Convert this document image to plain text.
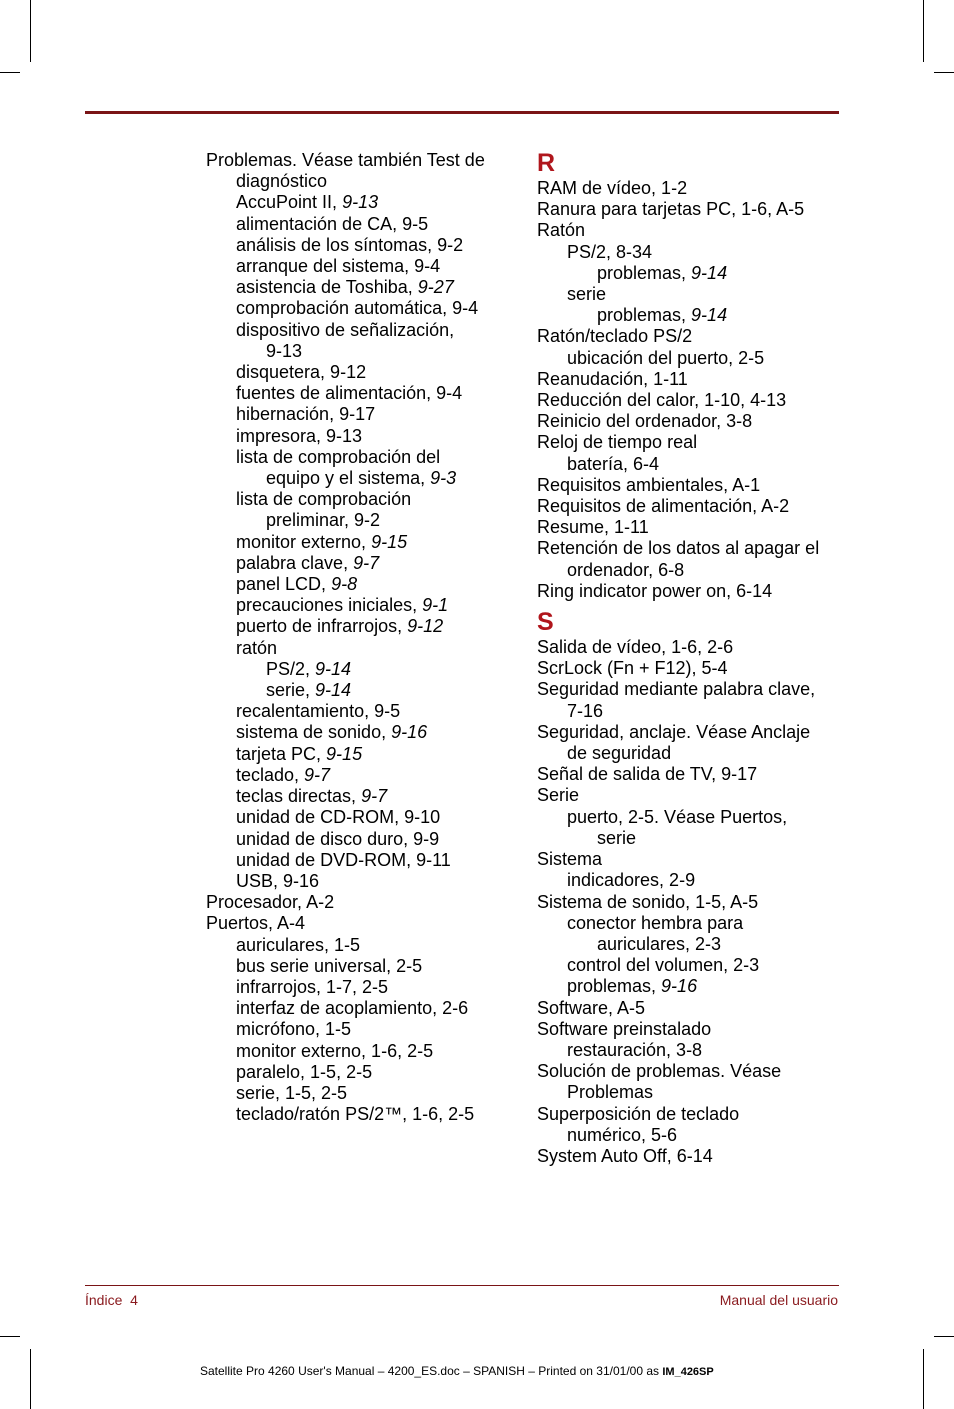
Problemas. Véase también Test de
diagnóstico
AccuPoint II, 9-13
alimentación de CA, 9-5
análisis de los síntomas, 9-2
arranque del sistema, 9-4
asistencia de Toshiba, 9-27
comprobación automática, 9-4
dispositivo de señalización,
9-13
disquetera, 9-12
fuentes de alimentación, 9-4
hibernación, 9-17
impresora, 9-13
lista de comprobación del
equipo y el sistema, 9-3
lista de comprobación
preliminar, 9-2
monitor externo, 9-15
palabra clave, 9-7
panel LCD, 9-8
precauciones iniciales, 9-1
puerto de infrarrojos, 9-12
ratón
PS/2, 9-14
serie, 9-14
recalentamiento, 9-5
sistema de sonido, 9-16
tarjeta PC, 9-15
teclado, 9-7
teclas directas, 9-7
unidad de CD-ROM, 9-10
unidad de disco duro, 9-9
unidad de DVD-ROM, 9-11
USB, 9-16
Procesador, A-2
Puertos, A-4
auriculares, 1-5
bus serie universal, 2-5
infrarrojos, 1-7, 2-5
interfaz de acoplamiento, 2-6
micrófono, 1-5
monitor externo, 1-6, 2-5
paralelo, 1-5, 2-5
serie, 1-5, 2-5
teclado/ratón PS/2™, 1-6, 2-5
R
RAM de vídeo, 1-2
Ranura para tarjetas PC, 1-6, A-5
Ratón
PS/2, 8-34
problemas, 9-14
serie
problemas, 9-14
Ratón/teclado PS/2
ubicación del puerto, 2-5
Reanudación, 1-11
Reducción del calor, 1-10, 4-13
Reinicio del ordenador, 3-8
Reloj de tiempo real
batería, 6-4
Requisitos ambientales, A-1
Requisitos de alimentación, A-2
Resume, 1-11
Retención de los datos al apagar el
ordenador, 6-8
Ring indicator power on, 6-14
S
Salida de vídeo, 1-6, 2-6
ScrLock (Fn + F12), 5-4
Seguridad mediante palabra clave,
7-16
Seguridad, anclaje. Véase Anclaje
de seguridad
Señal de salida de TV, 9-17
Serie
puerto, 2-5. Véase Puertos,
serie
Sistema
indicadores, 2-9
Sistema de sonido, 1-5, A-5
conector hembra para
auriculares, 2-3
control del volumen, 2-3
problemas, 9-16
Software, A-5
Software preinstalado
restauración, 3-8
Solución de problemas. Véase
Problemas
Superposición de teclado
numérico, 5-6
System Auto Off, 6-14
Índice  4	Manual del usuario
Satellite Pro 4260 User's Manual – 4200_ES.doc – SPANISH – Printed on 31/01/00 as IM_426SP
